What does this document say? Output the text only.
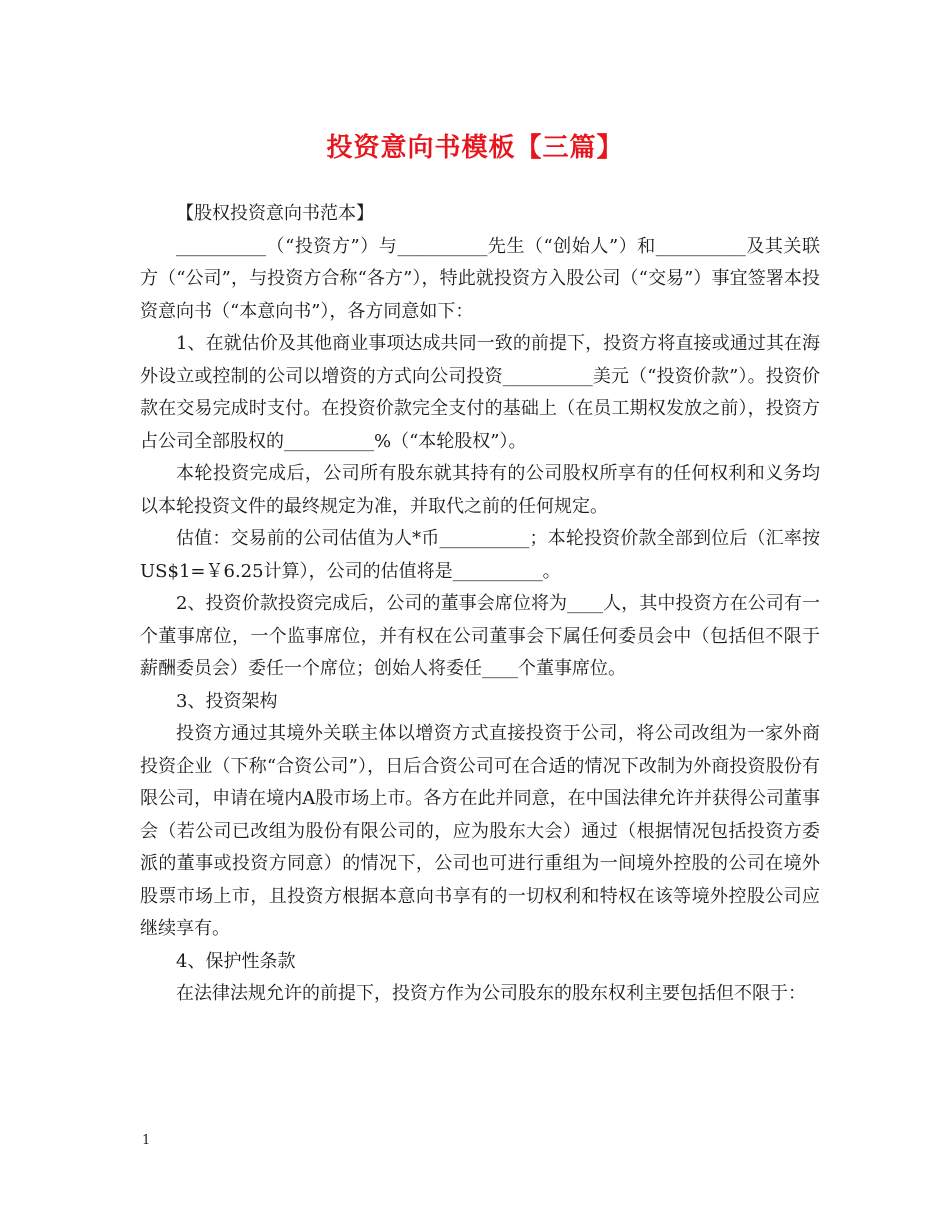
投资意向书模板【三篇】

【股权投资意向书范本】

__________（“投资方”）与__________先生（“创始人”）和__________及其关联方（“公司”，与投资方合称“各方”），特此就投资方入股公司（“交易”）事宜签署本投资意向书（“本意向书”），各方同意如下：

1、在就估价及其他商业事项达成共同一致的前提下，投资方将直接或通过其在海外设立或控制的公司以增资的方式向公司投资__________美元（“投资价款”）。投资价款在交易完成时支付。在投资价款完全支付的基础上（在员工期权发放之前），投资方占公司全部股权的__________%（“本轮股权”）。

本轮投资完成后，公司所有股东就其持有的公司股权所享有的任何权利和义务均以本轮投资文件的最终规定为准，并取代之前的任何规定。

估值：交易前的公司估值为人*币__________；本轮投资价款全部到位后（汇率按US$1=￥6.25计算），公司的估值将是__________。

2、投资价款投资完成后，公司的董事会席位将为____人，其中投资方在公司有一个董事席位，一个监事席位，并有权在公司董事会下属任何委员会中（包括但不限于薪酬委员会）委任一个席位；创始人将委任____个董事席位。

3、投资架构

投资方通过其境外关联主体以增资方式直接投资于公司，将公司改组为一家外商投资企业（下称“合资公司”），日后合资公司可在合适的情况下改制为外商投资股份有限公司，申请在境内A股市场上市。各方在此并同意，在中国法律允许并获得公司董事会（若公司已改组为股份有限公司的，应为股东大会）通过（根据情况包括投资方委派的董事或投资方同意）的情况下，公司也可进行重组为一间境外控股的公司在境外股票市场上市，且投资方根据本意向书享有的一切权利和特权在该等境外控股公司应继续享有。

4、保护性条款

在法律法规允许的前提下，投资方作为公司股东的股东权利主要包括但不限于：

1
